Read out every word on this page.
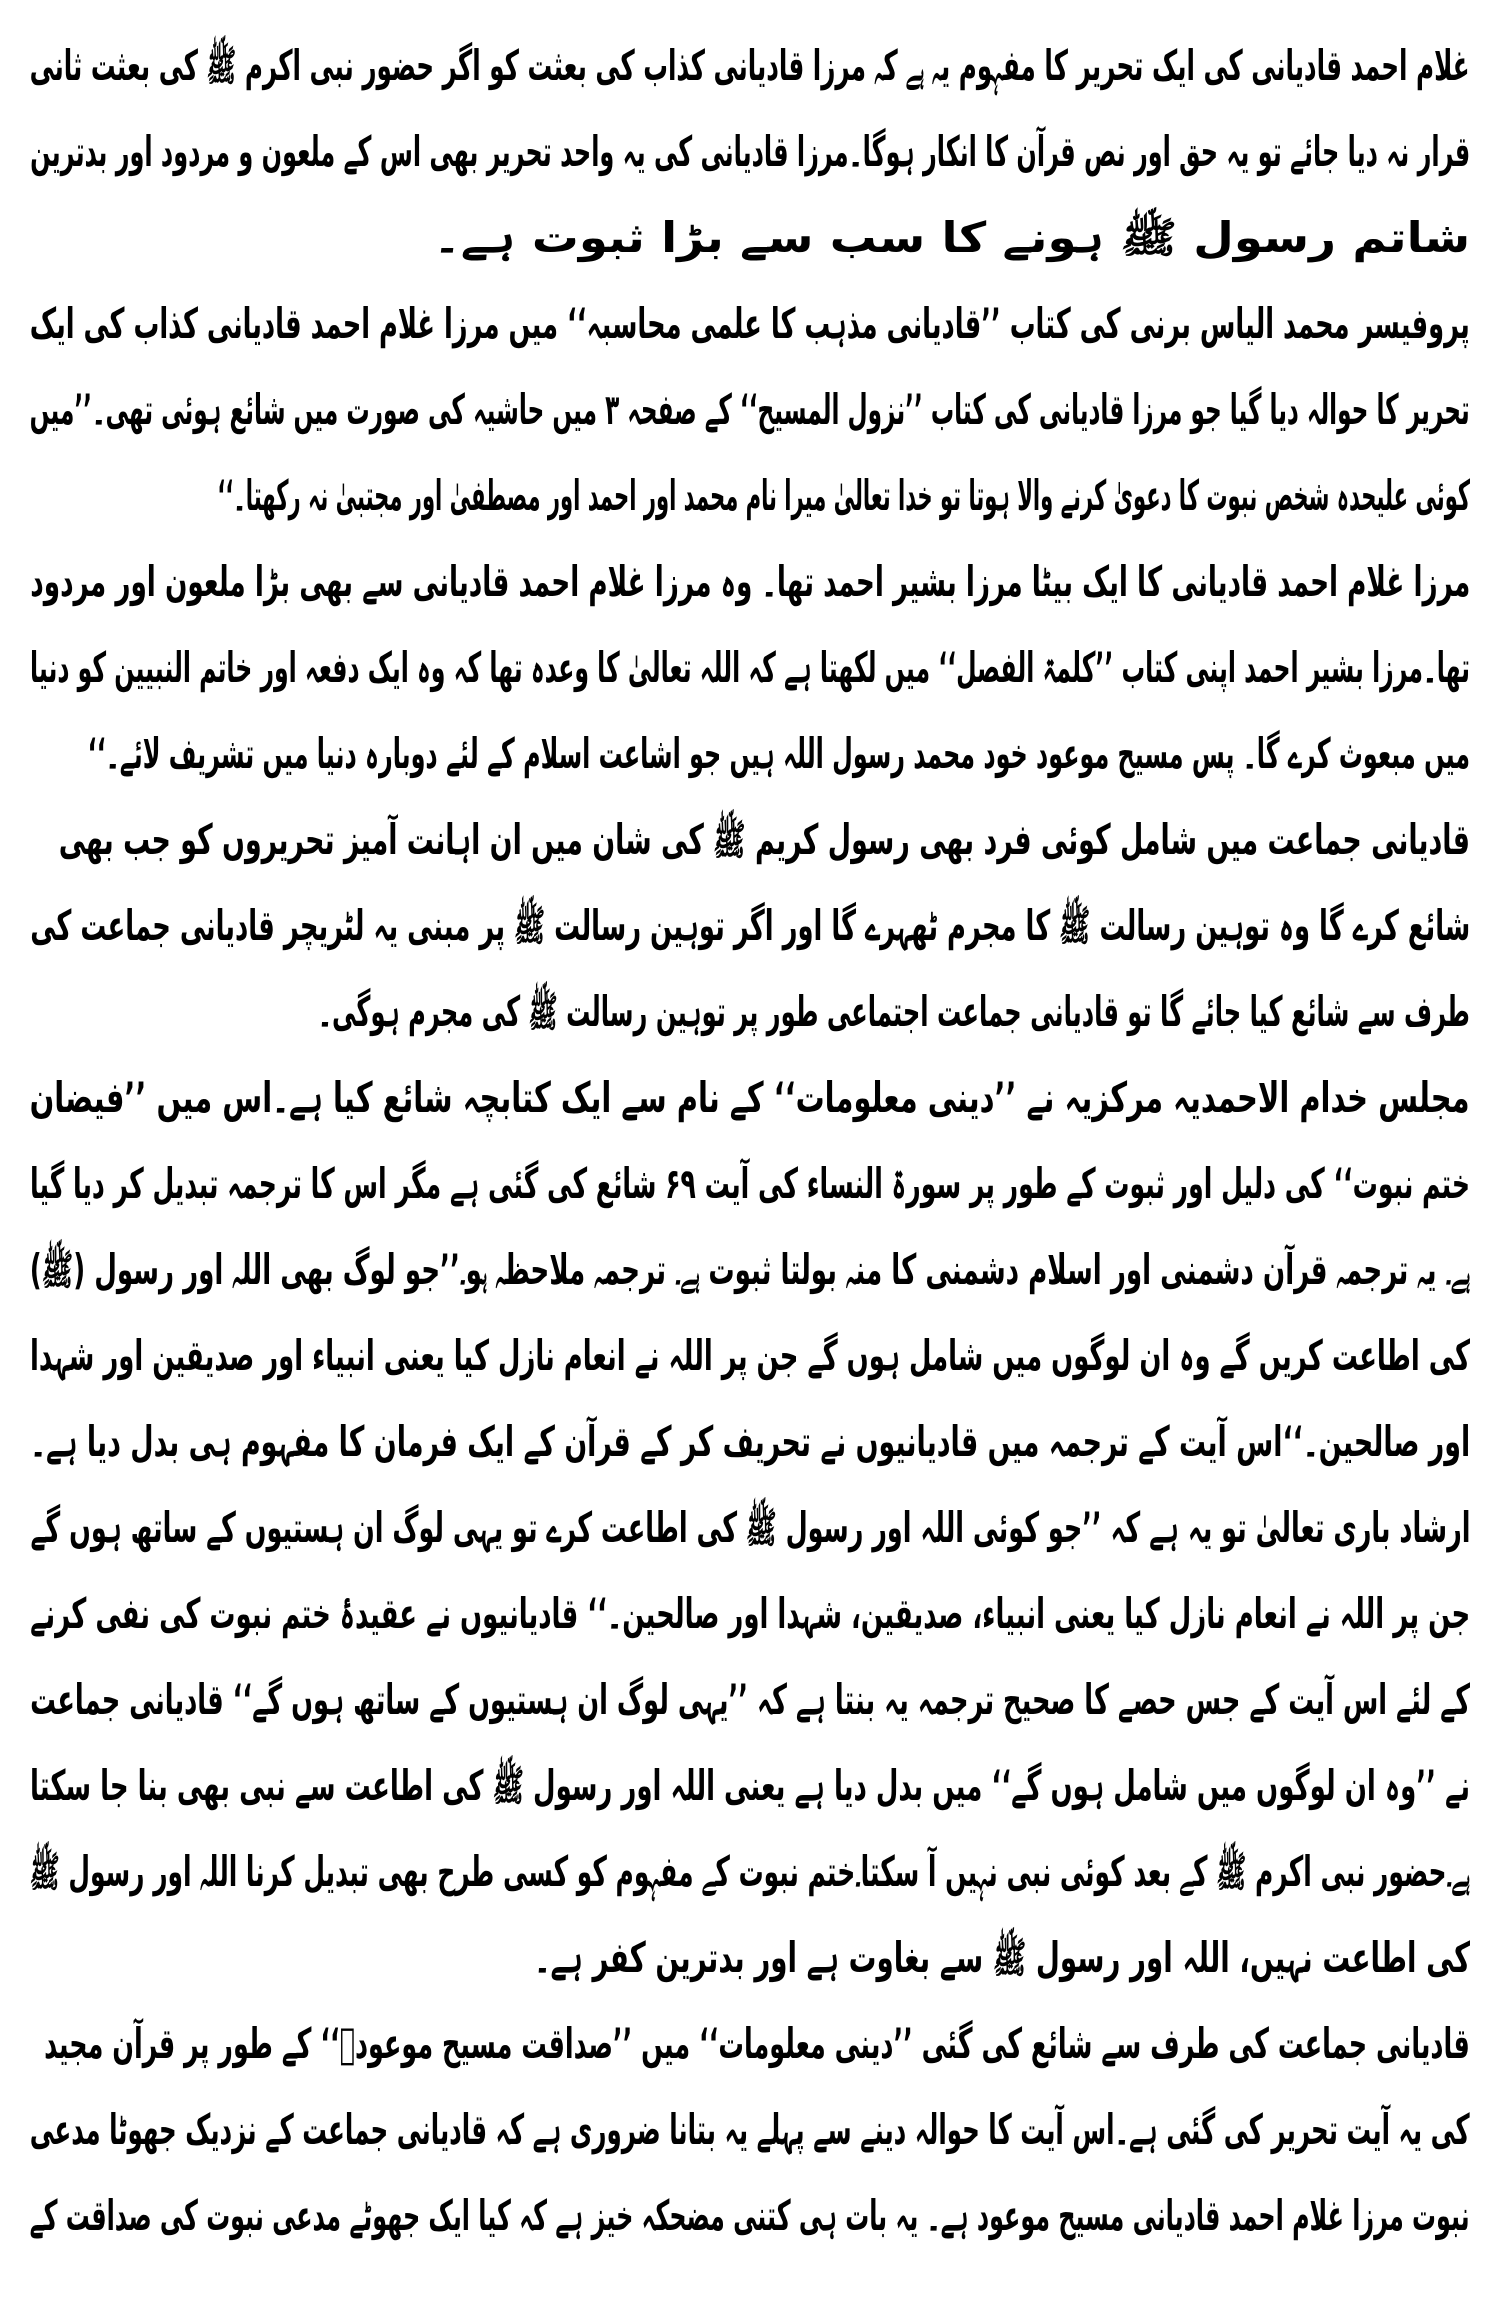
غلام احمد قادیانی کی ایک تحریر کا مفہوم یہ ہے کہ مرزا قادیانی کذاب کی بعثت کو اگر حضور نبی اکرم ﷺ کی بعثت ثانی
قرار نہ دیا جائے تو یہ حق اور نص قرآن کا انکار ہوگا۔مرزا قادیانی کی یہ واحد تحریر بھی اس کے ملعون و مردود اور بدترین
شاتم رسول ﷺ ہونے کا سب سے بڑا ثبوت ہے۔
پروفیسر محمد الیاس برنی کی کتاب ’’قادیانی مذہب کا علمی محاسبہ‘‘ میں مرزا غلام احمد قادیانی کذاب کی ایک
تحریر کا حوالہ دیا گیا جو مرزا قادیانی کی کتاب ’’نزول المسیح‘‘ کے صفحہ ۳ میں حاشیہ کی صورت میں شائع ہوئی تھی۔’’میں
کوئی علیحدہ شخص نبوت کا دعویٰ کرنے والا ہوتا تو خدا تعالیٰ میرا نام محمد اور احمد اور مصطفیٰ اور مجتبیٰ نہ رکھتا۔‘‘
مرزا غلام احمد قادیانی کا ایک بیٹا مرزا بشیر احمد تھا۔ وہ مرزا غلام احمد قادیانی سے بھی بڑا ملعون اور مردود
تھا۔مرزا بشیر احمد اپنی کتاب ’’کلمۃ الفصل‘‘ میں لکھتا ہے کہ اللہ تعالیٰ کا وعدہ تھا کہ وہ ایک دفعہ اور خاتم النبیین کو دنیا
میں مبعوث کرے گا۔ پس مسیح موعود خود محمد رسول اللہ ہیں جو اشاعت اسلام کے لئے دوبارہ دنیا میں تشریف لائے۔‘‘
قادیانی جماعت میں شامل کوئی فرد بھی رسول کریم ﷺ کی شان میں ان اہانت آمیز تحریروں کو جب بھی
شائع کرے گا وہ توہین رسالت ﷺ کا مجرم ٹھہرے گا اور اگر توہین رسالت ﷺ پر مبنی یہ لٹریچر قادیانی جماعت کی
طرف سے شائع کیا جائے گا تو قادیانی جماعت اجتماعی طور پر توہین رسالت ﷺ کی مجرم ہوگی۔
مجلس خدام الاحمدیہ مرکزیہ نے ’’دینی معلومات‘‘ کے نام سے ایک کتابچہ شائع کیا ہے۔اس میں ’’فیضان
ختم نبوت‘‘ کی دلیل اور ثبوت کے طور پر سورۃ النساء کی آیت ۶۹ شائع کی گئی ہے مگر اس کا ترجمہ تبدیل کر دیا گیا
ہے۔ یہ ترجمہ قرآن دشمنی اور اسلام دشمنی کا منہ بولتا ثبوت ہے۔ ترجمہ ملاحظہ ہو۔’’جو لوگ بھی اللہ اور رسول (ﷺ)
کی اطاعت کریں گے وہ ان لوگوں میں شامل ہوں گے جن پر اللہ نے انعام نازل کیا یعنی انبیاء اور صدیقین اور شہدا
اور صالحین۔‘‘اس آیت کے ترجمہ میں قادیانیوں نے تحریف کر کے قرآن کے ایک فرمان کا مفہوم ہی بدل دیا ہے۔
ارشاد باری تعالیٰ تو یہ ہے کہ ’’جو کوئی اللہ اور رسول ﷺ کی اطاعت کرے تو یہی لوگ ان ہستیوں کے ساتھ ہوں گے
جن پر اللہ نے انعام نازل کیا یعنی انبیاء، صدیقین، شہدا اور صالحین۔‘‘ قادیانیوں نے عقیدۂ ختم نبوت کی نفی کرنے
کے لئے اس آیت کے جس حصے کا صحیح ترجمہ یہ بنتا ہے کہ ’’یہی لوگ ان ہستیوں کے ساتھ ہوں گے‘‘ قادیانی جماعت
نے ’’وہ ان لوگوں میں شامل ہوں گے‘‘ میں بدل دیا ہے یعنی اللہ اور رسول ﷺ کی اطاعت سے نبی بھی بنا جا سکتا
ہے۔حضور نبی اکرم ﷺ کے بعد کوئی نبی نہیں آ سکتا۔ختم نبوت کے مفہوم کو کسی طرح بھی تبدیل کرنا اللہ اور رسول ﷺ
کی اطاعت نہیں، اللہ اور رسول ﷺ سے بغاوت ہے اور بدترین کفر ہے۔
قادیانی جماعت کی طرف سے شائع کی گئی ’’دینی معلومات‘‘ میں ’’صداقت مسیح موعودؑ‘‘ کے طور پر قرآن مجید
کی یہ آیت تحریر کی گئی ہے۔اس آیت کا حوالہ دینے سے پہلے یہ بتانا ضروری ہے کہ قادیانی جماعت کے نزدیک جھوٹا مدعی
نبوت مرزا غلام احمد قادیانی مسیح موعود ہے۔ یہ بات ہی کتنی مضحکہ خیز ہے کہ کیا ایک جھوٹے مدعی نبوت کی صداقت کے
